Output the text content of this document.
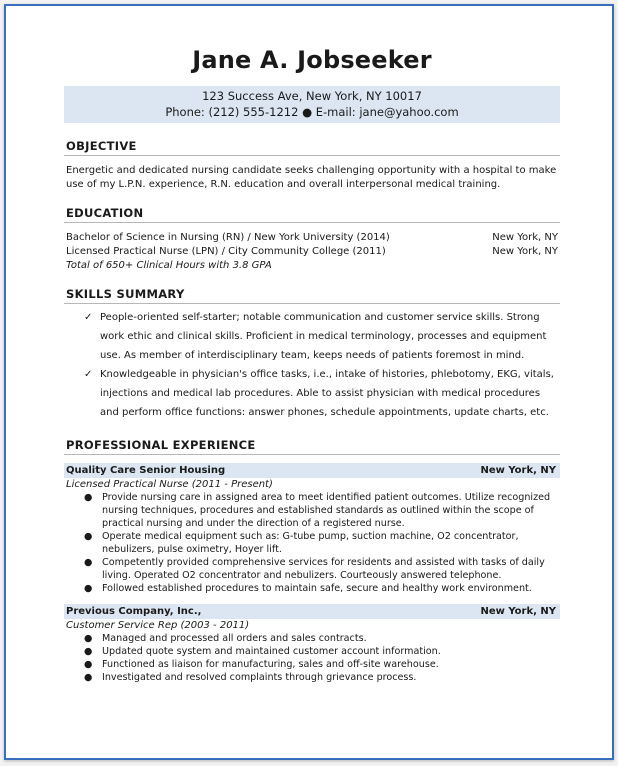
Jane A. Jobseeker
123 Success Ave, New York, NY 10017
Phone: (212) 555-1212 ● E-mail: jane@yahoo.com
OBJECTIVE
Energetic and dedicated nursing candidate seeks challenging opportunity with a hospital to make use of my L.P.N. experience, R.N. education and overall interpersonal medical training.
EDUCATION
Bachelor of Science in Nursing (RN) / New York University (2014)	New York, NY
Licensed Practical Nurse (LPN) / City Community College (2011)	New York, NY
Total of 650+ Clinical Hours with 3.8 GPA
SKILLS SUMMARY
✓ People-oriented self-starter; notable communication and customer service skills. Strong work ethic and clinical skills. Proficient in medical terminology, processes and equipment use. As member of interdisciplinary team, keeps needs of patients foremost in mind.
✓ Knowledgeable in physician's office tasks, i.e., intake of histories, phlebotomy, EKG, vitals, injections and medical lab procedures. Able to assist physician with medical procedures and perform office functions: answer phones, schedule appointments, update charts, etc.
PROFESSIONAL EXPERIENCE
Quality Care Senior Housing	New York, NY
Licensed Practical Nurse (2011 - Present)
● Provide nursing care in assigned area to meet identified patient outcomes. Utilize recognized nursing techniques, procedures and established standards as outlined within the scope of practical nursing and under the direction of a registered nurse.
● Operate medical equipment such as: G-tube pump, suction machine, O2 concentrator, nebulizers, pulse oximetry, Hoyer lift.
● Competently provided comprehensive services for residents and assisted with tasks of daily living. Operated O2 concentrator and nebulizers. Courteously answered telephone.
● Followed established procedures to maintain safe, secure and healthy work environment.
Previous Company, Inc.,	New York, NY
Customer Service Rep (2003 - 2011)
● Managed and processed all orders and sales contracts.
● Updated quote system and maintained customer account information.
● Functioned as liaison for manufacturing, sales and off-site warehouse.
● Investigated and resolved complaints through grievance process.
